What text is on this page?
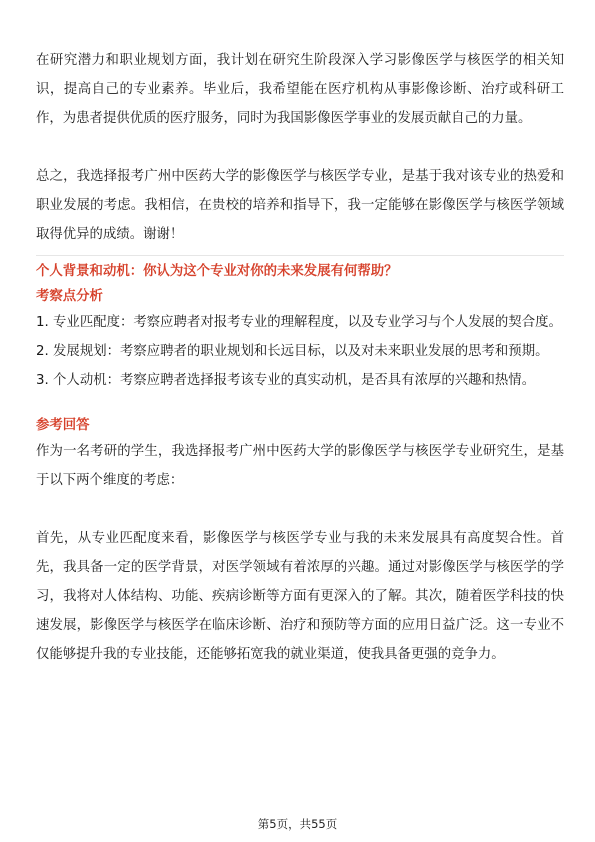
在研究潜力和职业规划方面，我计划在研究生阶段深入学习影像医学与核医学的相关知识，提高自己的专业素养。毕业后，我希望能在医疗机构从事影像诊断、治疗或科研工作，为患者提供优质的医疗服务，同时为我国影像医学事业的发展贡献自己的力量。

总之，我选择报考广州中医药大学的影像医学与核医学专业，是基于我对该专业的热爱和职业发展的考虑。我相信，在贵校的培养和指导下，我一定能够在影像医学与核医学领域取得优异的成绩。谢谢！

个人背景和动机：你认为这个专业对你的未来发展有何帮助？

考察点分析

1. 专业匹配度：考察应聘者对报考专业的理解程度，以及专业学习与个人发展的契合度。

2. 发展规划：考察应聘者的职业规划和长远目标，以及对未来职业发展的思考和预期。

3. 个人动机：考察应聘者选择报考该专业的真实动机，是否具有浓厚的兴趣和热情。

参考回答

作为一名考研的学生，我选择报考广州中医药大学的影像医学与核医学专业研究生，是基于以下两个维度的考虑：

首先，从专业匹配度来看，影像医学与核医学专业与我的未来发展具有高度契合性。首先，我具备一定的医学背景，对医学领域有着浓厚的兴趣。通过对影像医学与核医学的学习，我将对人体结构、功能、疾病诊断等方面有更深入的了解。其次，随着医学科技的快速发展，影像医学与核医学在临床诊断、治疗和预防等方面的应用日益广泛。这一专业不仅能够提升我的专业技能，还能够拓宽我的就业渠道，使我具备更强的竞争力。

第5页，共55页
